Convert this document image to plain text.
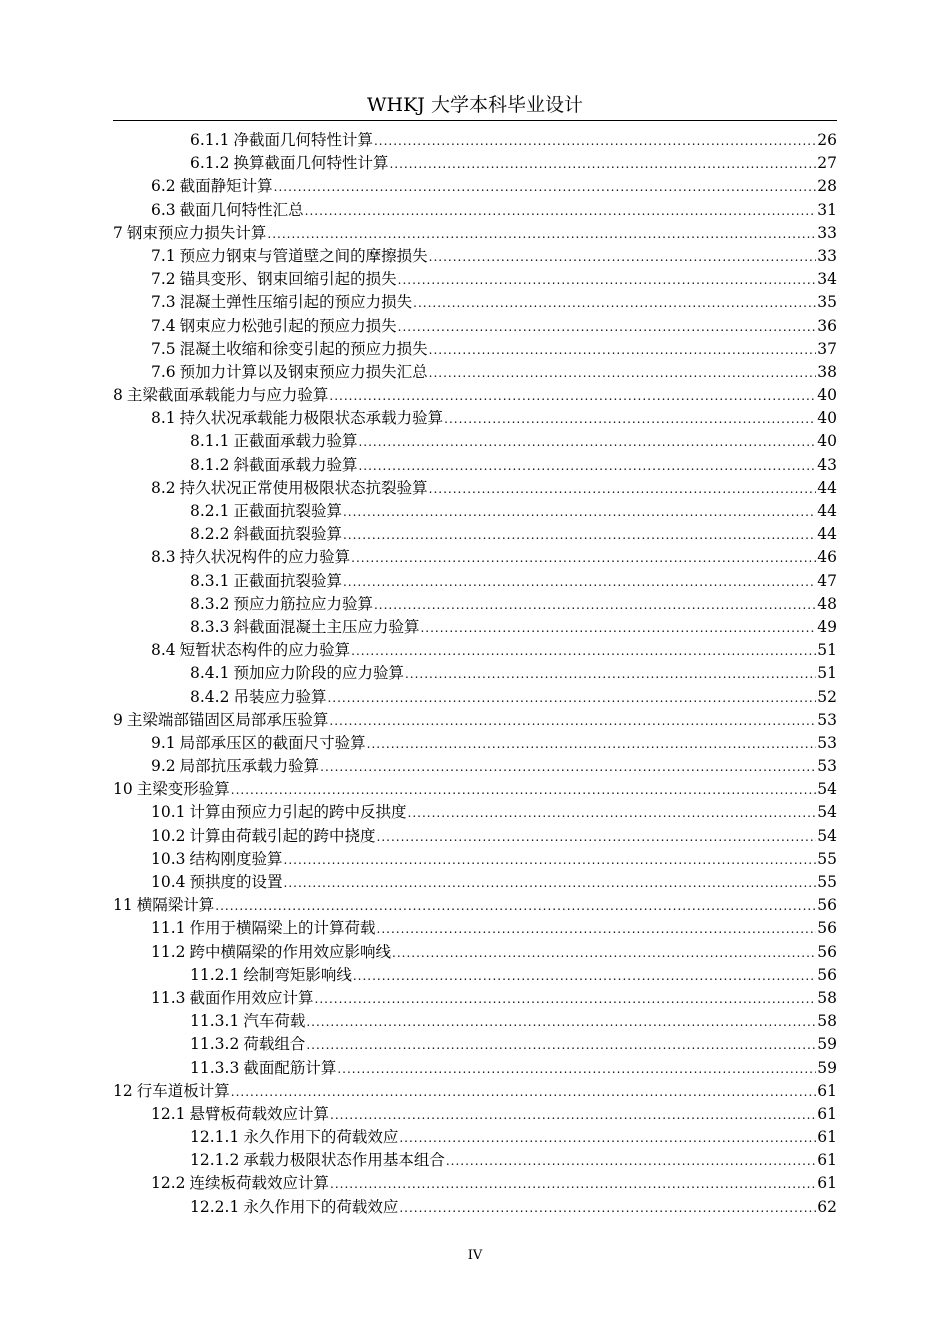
WHKJ 大学本科毕业设计
6.1.1 净截面几何特性计算 .....	26
6.1.2 换算截面几何特性计算 .....	27
6.2 截面静矩计算 .....	28
6.3 截面几何特性汇总 .....	31
7 钢束预应力损失计算 .....	33
7.1 预应力钢束与管道壁之间的摩擦损失 .....	33
7.2 锚具变形、钢束回缩引起的损失 .....	34
7.3 混凝土弹性压缩引起的预应力损失 .....	35
7.4 钢束应力松弛引起的预应力损失 .....	36
7.5 混凝土收缩和徐变引起的预应力损失 .....	37
7.6 预加力计算以及钢束预应力损失汇总 .....	38
8 主梁截面承载能力与应力验算 .....	40
8.1 持久状况承载能力极限状态承载力验算 .....	40
8.1.1 正截面承载力验算 .....	40
8.1.2 斜截面承载力验算 .....	43
8.2 持久状况正常使用极限状态抗裂验算 .....	44
8.2.1 正截面抗裂验算 .....	44
8.2.2 斜截面抗裂验算 .....	44
8.3 持久状况构件的应力验算 .....	46
8.3.1 正截面抗裂验算 .....	47
8.3.2 预应力筋拉应力验算 .....	48
8.3.3 斜截面混凝土主压应力验算 .....	49
8.4 短暂状态构件的应力验算 .....	51
8.4.1 预加应力阶段的应力验算 .....	51
8.4.2 吊装应力验算 .....	52
9 主梁端部锚固区局部承压验算 .....	53
9.1 局部承压区的截面尺寸验算 .....	53
9.2 局部抗压承载力验算 .....	53
10 主梁变形验算 .....	54
10.1 计算由预应力引起的跨中反拱度 .....	54
10.2 计算由荷载引起的跨中挠度 .....	54
10.3 结构刚度验算 .....	55
10.4 预拱度的设置 .....	55
11 横隔梁计算 .....	56
11.1 作用于横隔梁上的计算荷载 .....	56
11.2 跨中横隔梁的作用效应影响线 .....	56
11.2.1 绘制弯矩影响线 .....	56
11.3 截面作用效应计算 .....	58
11.3.1 汽车荷载 .....	58
11.3.2 荷载组合 .....	59
11.3.3 截面配筋计算 .....	59
12 行车道板计算 .....	61
12.1 悬臂板荷载效应计算 .....	61
12.1.1 永久作用下的荷载效应 .....	61
12.1.2 承载力极限状态作用基本组合 .....	61
12.2 连续板荷载效应计算 .....	61
12.2.1 永久作用下的荷载效应 .....	62
IV
